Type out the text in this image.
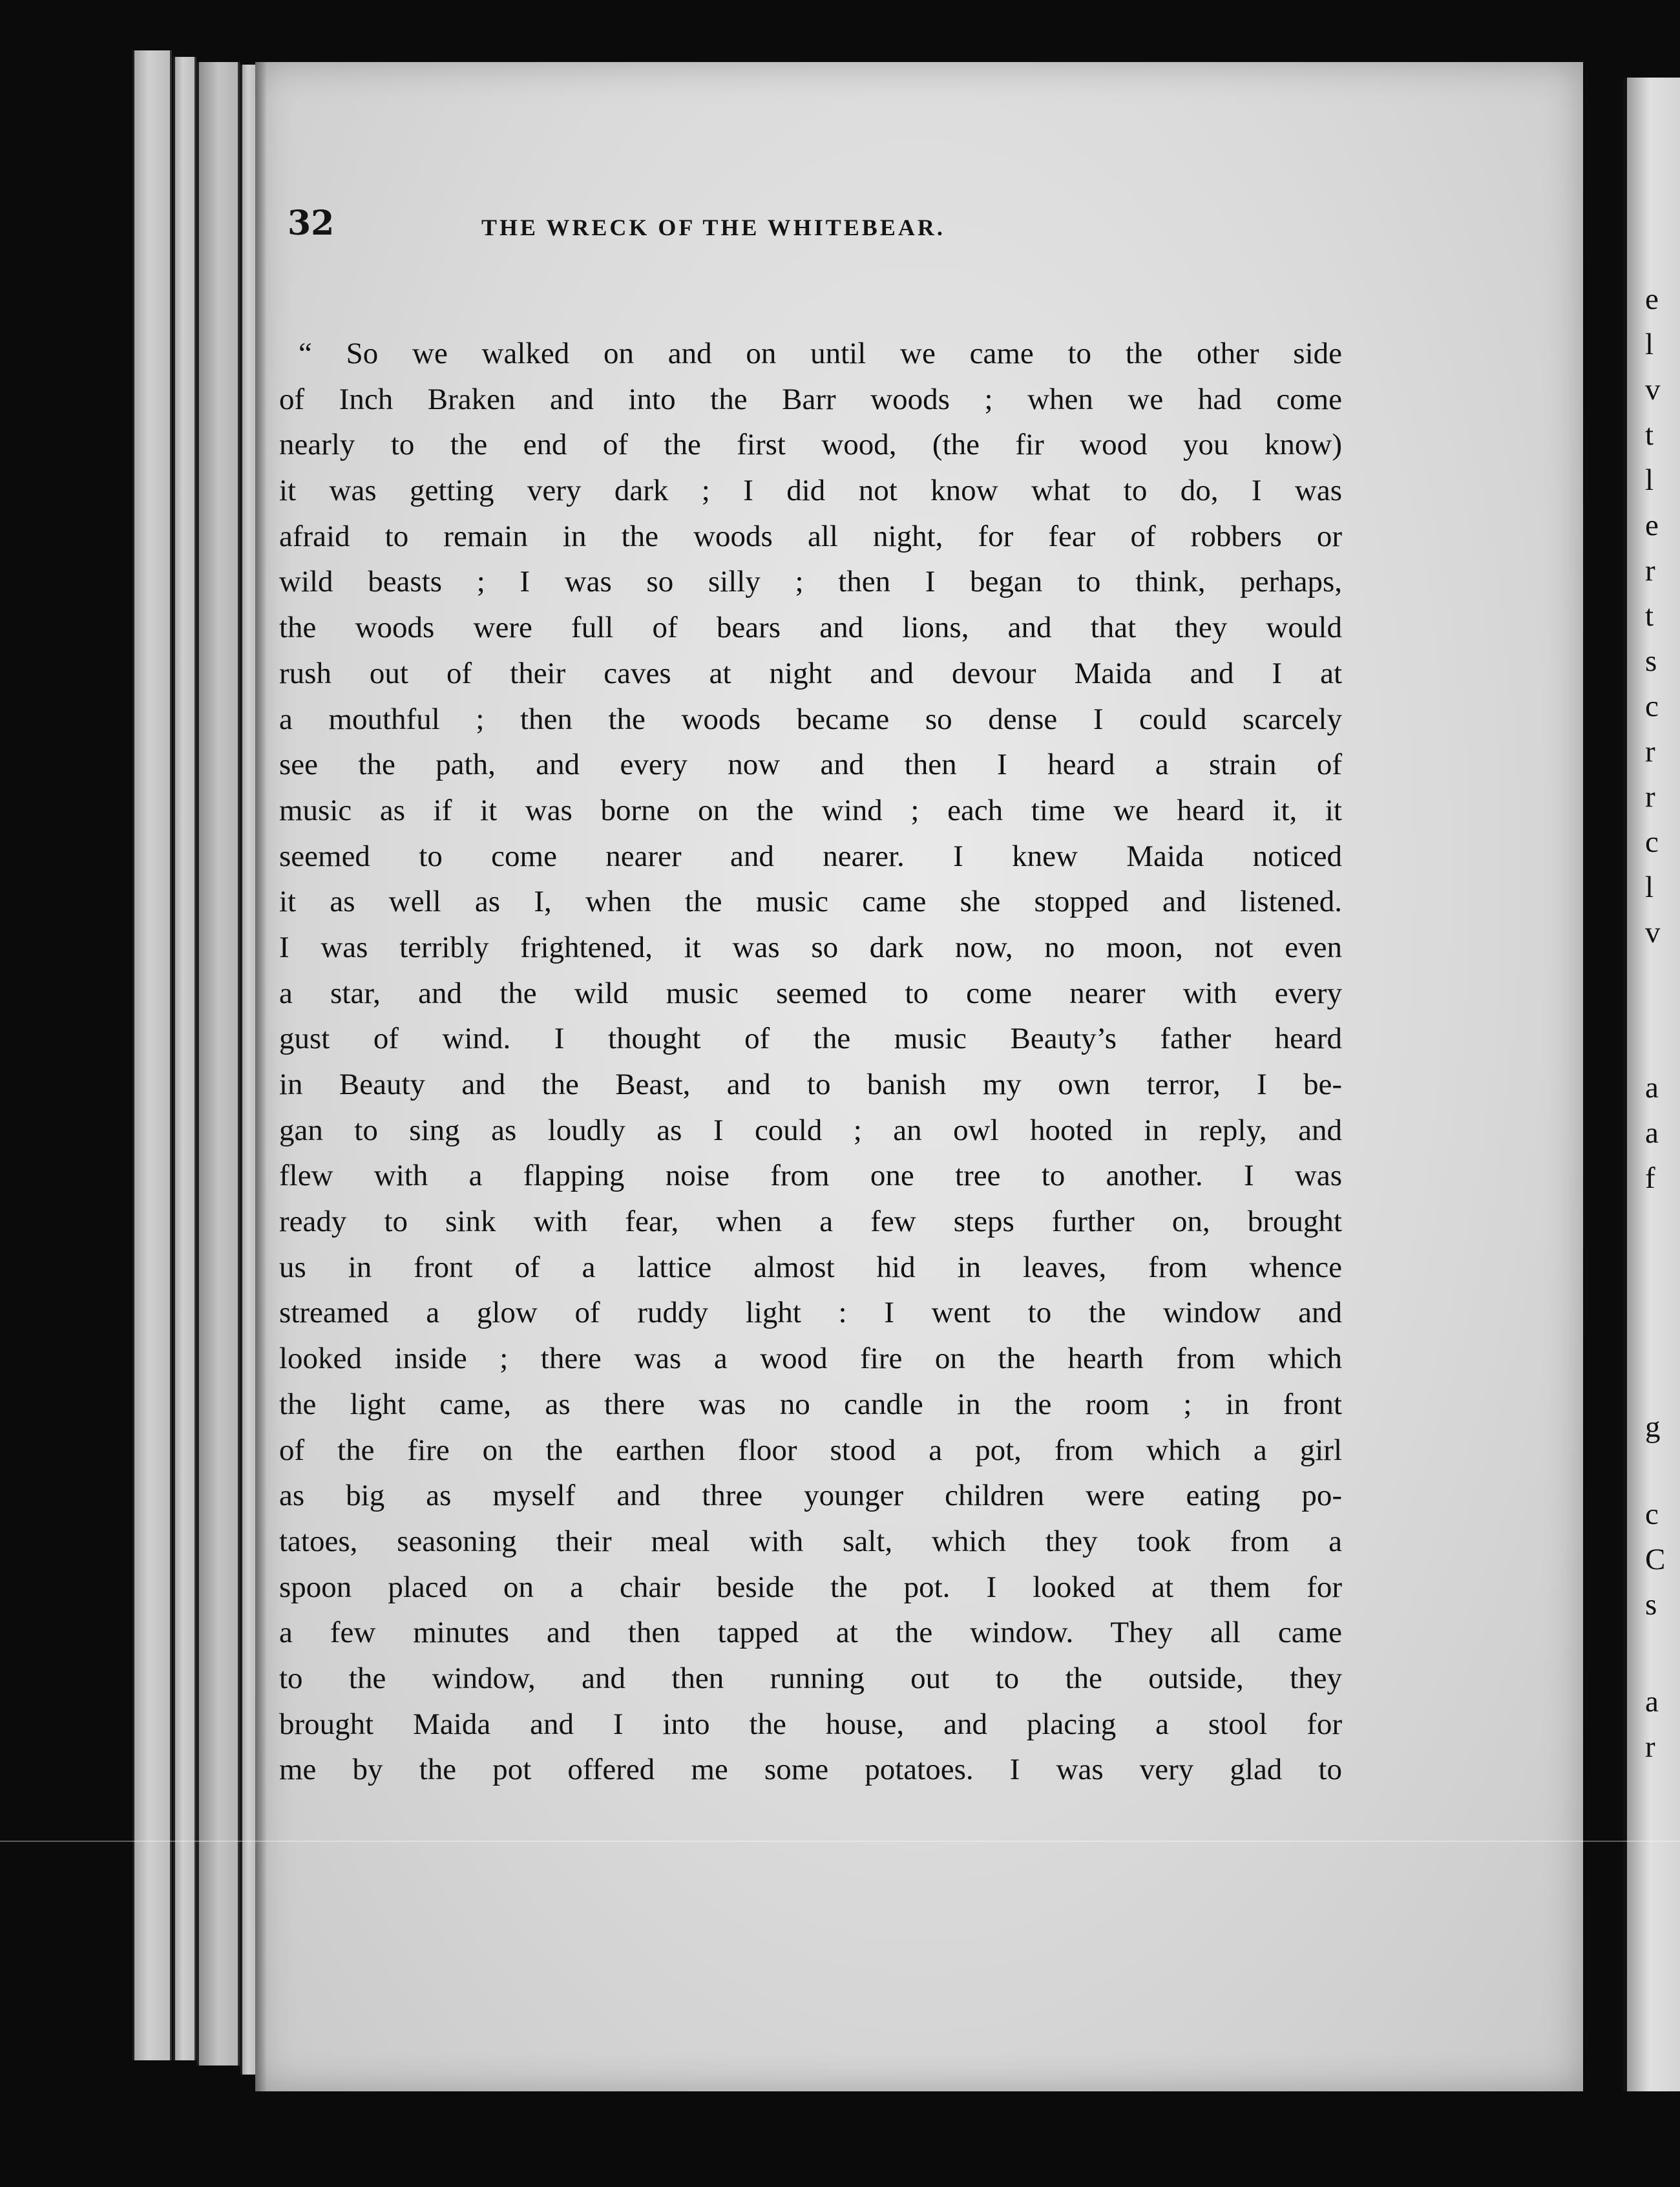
32	THE WRECK OF THE WHITEBEAR.
“ So we walked on and on until we came to the other side
of Inch Braken and into the Barr woods ; when we had come
nearly to the end of the first wood, (the fir wood you know)
it was getting very dark ; I did not know what to do, I was
afraid to remain in the woods all night, for fear of robbers or
wild beasts ; I was so silly ; then I began to think, perhaps,
the woods were full of bears and lions, and that they would
rush out of their caves at night and devour Maida and I at
a mouthful ; then the woods became so dense I could scarcely
see the path, and every now and then I heard a strain of
music as if it was borne on the wind ; each time we heard it, it
seemed to come nearer and nearer. I knew Maida noticed
it as well as I, when the music came she stopped and listened.
I was terribly frightened, it was so dark now, no moon, not even
a star, and the wild music seemed to come nearer with every
gust of wind. I thought of the music Beauty’s father heard
in Beauty and the Beast, and to banish my own terror, I be-
gan to sing as loudly as I could ; an owl hooted in reply, and
flew with a flapping noise from one tree to another. I was
ready to sink with fear, when a few steps further on, brought
us in front of a lattice almost hid in leaves, from whence
streamed a glow of ruddy light : I went to the window and
looked inside ; there was a wood fire on the hearth from which
the light came, as there was no candle in the room ; in front
of the fire on the earthen floor stood a pot, from which a girl
as big as myself and three younger children were eating po-
tatoes, seasoning their meal with salt, which they took from a
spoon placed on a chair beside the pot. I looked at them for
a few minutes and then tapped at the window. They all came
to the window, and then running out to the outside, they
brought Maida and I into the house, and placing a stool for
me by the pot offered me some potatoes. I was very glad to
e
l
v
t
l
e
r
t
s
c
r
r
c
l
v
a
a
f
g
c
C
s
a
r
